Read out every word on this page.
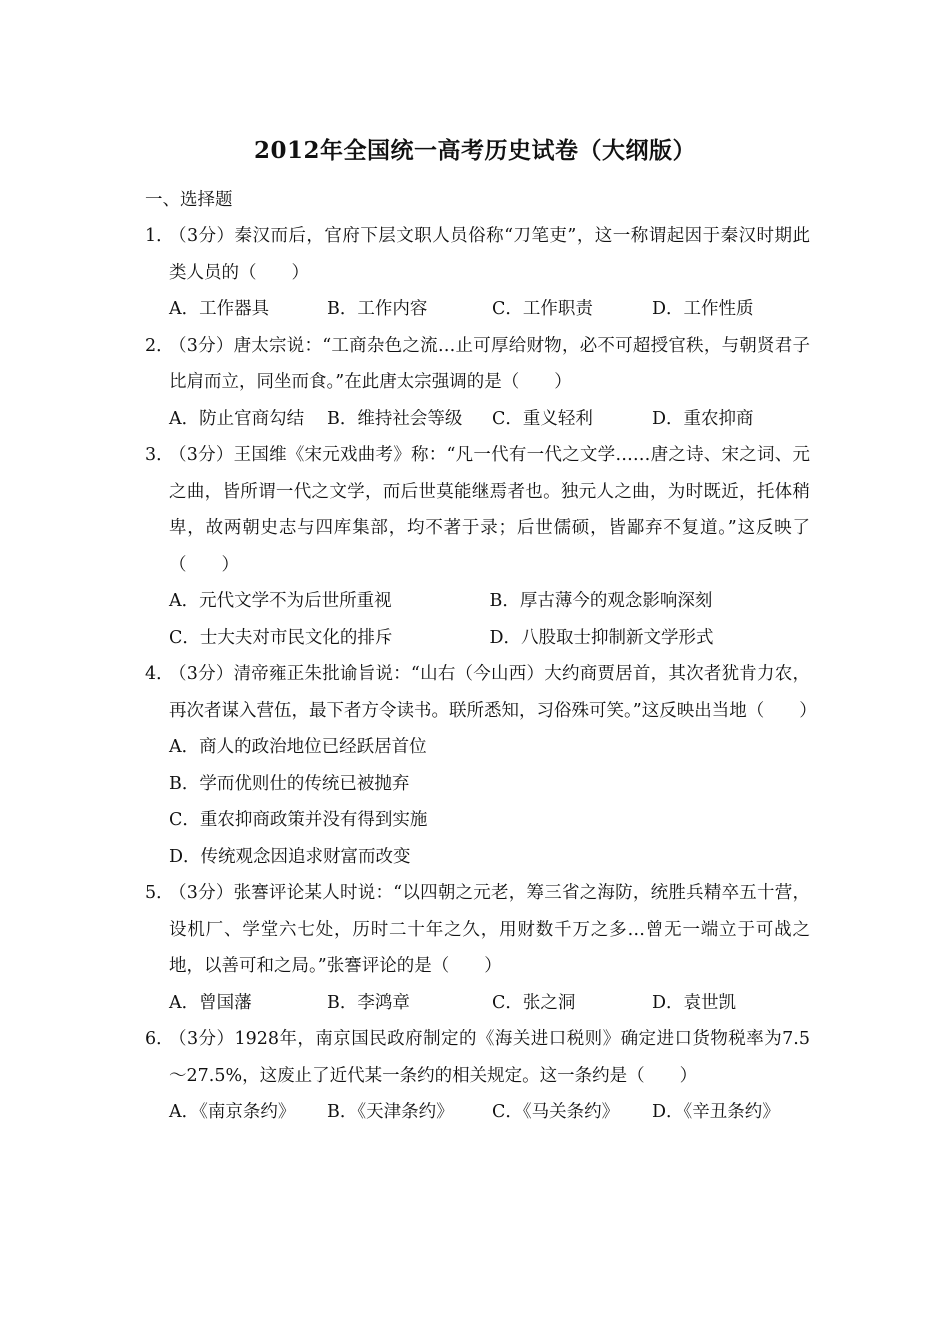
2012年全国统一高考历史试卷（大纲版）
一、选择题
1．
（3分）秦汉而后，官府下层文职人员俗称“刀笔吏”，这一称谓起因于秦汉时期此类人员的（　　）
A．工作器具	B．工作内容	C．工作职责	D．工作性质
2．
（3分）唐太宗说：“工商杂色之流…止可厚给财物，必不可超授官秩，与朝贤君子比肩而立，同坐而食。”在此唐太宗强调的是（　　）
A．防止官商勾结	B．维持社会等级	C．重义轻利	D．重农抑商
3．
（3分）王国维《宋元戏曲考》称：“凡一代有一代之文学……唐之诗、宋之词、元之曲，皆所谓一代之文学，而后世莫能继焉者也。独元人之曲，为时既近，托体稍卑，故两朝史志与四库集部，均不著于录；后世儒硕，皆鄙弃不复道。”这反映了（　　）
A．元代文学不为后世所重视	B．厚古薄今的观念影响深刻
C．士大夫对市民文化的排斥	D．八股取士抑制新文学形式
4．
（3分）清帝雍正朱批谕旨说：“山右（今山西）大约商贾居首，其次者犹肯力农，再次者谋入营伍，最下者方令读书。联所悉知，习俗殊可笑。”这反映出当地（　　）
A．商人的政治地位已经跃居首位
B．学而优则仕的传统已被抛弃
C．重农抑商政策并没有得到实施
D．传统观念因追求财富而改变
5．
（3分）张謇评论某人时说：“以四朝之元老，筹三省之海防，统胜兵精卒五十营，设机厂、学堂六七处，历时二十年之久，用财数千万之多…曾无一端立于可战之地，以善可和之局。”张謇评论的是（　　）
A．曾国藩	B．李鸿章	C．张之洞	D．袁世凯
6．
（3分）1928年，南京国民政府制定的《海关进口税则》确定进口货物税率为7.5～27.5%，这废止了近代某一条约的相关规定。这一条约是（　　）
A．《南京条约》	B．《天津条约》	C．《马关条约》	D．《辛丑条约》
